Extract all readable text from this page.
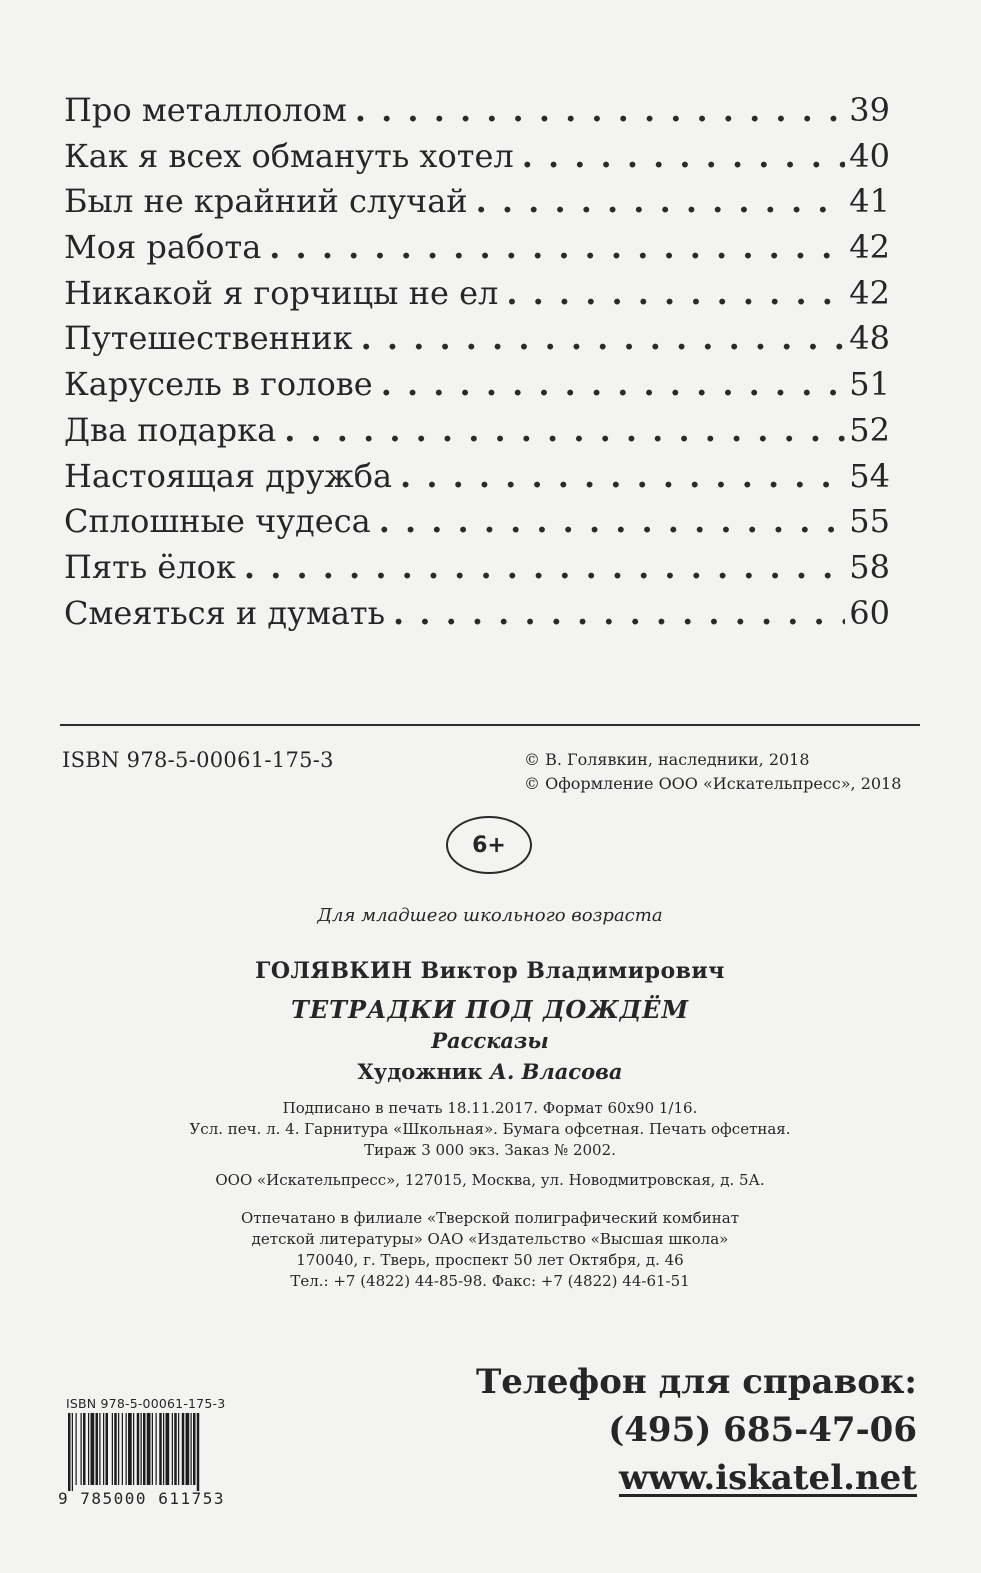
Про металлолом . . .	39
Как я всех обмануть хотел . . .	40
Был не крайний случай . . .	41
Моя работа . . .	42
Никакой я горчицы не ел . . .	42
Путешественник . . .	48
Карусель в голове . . .	51
Два подарка . . .	52
Настоящая дружба . . .	54
Сплошные чудеса . . .	55
Пять ёлок . . .	58
Смеяться и думать . . .	60
ISBN 978-5-00061-175-3	© В. Голявкин, наследники, 2018
© Оформление ООО «Искательпресс», 2018
6+
Для младшего школьного возраста
ГОЛЯВКИН Виктор Владимирович
ТЕТРАДКИ ПОД ДОЖДЁМ
Рассказы
Художник А. Власова
Подписано в печать 18.11.2017. Формат 60x90 1/16.
Усл. печ. л. 4. Гарнитура «Школьная». Бумага офсетная. Печать офсетная.
Тираж 3 000 экз. Заказ № 2002.
ООО «Искательпресс», 127015, Москва, ул. Новодмитровская, д. 5А.
Отпечатано в филиале «Тверской полиграфический комбинат
детской литературы» ОАО «Издательство «Высшая школа»
170040, г. Тверь, проспект 50 лет Октября, д. 46
Тел.: +7 (4822) 44-85-98. Факс: +7 (4822) 44-61-51
ISBN 978-5-00061-175-3
9 785000 611753
Телефон для справок:
(495) 685-47-06
www.iskatel.net
